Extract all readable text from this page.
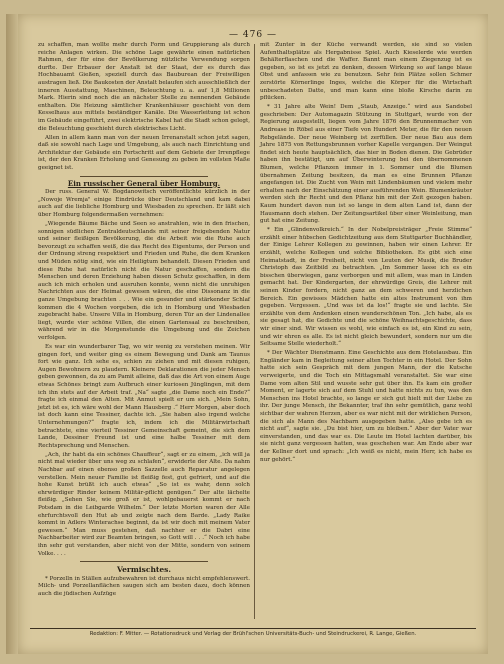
— 476 —

zu schaffen, man wollte mehr durch Form und Gruppierung als durch reiche Anlagen wirken. Die schöne Lage gewährte einen natürlichen Rahmen, der für eine der Bevölkerung nützliche Verwendung sorgen durfte. Der Erbauer der Anstalt ist der Staat, der es durch das Hochbauamt Gießen, speziell durch das Bauburean der Freiwilligen austragen ließ. Die Baukosten der Anstalt belaufen sich ausschließlich der inneren Ausstattung, Maschinen, Beleuchtung u. a. auf 1,8 Millionen Mark. Hierin sind noch die an nächster Stelle zu nennenden Gebäude enthalten. Die Heizung sämtlicher Krankenhäuser geschieht von dem Kesselhaus aus mittels beständiger Kanäle. Die Wasserleitung ist schon im Gebäude eingeführt, zwei elektrische Kabel hat die Stadt schon gelegt, die Beleuchtung geschieht durch elektrisches Licht.

Allen in allem kann man von der neuen Irrenanstalt schon jetzt sagen, daß sie sowohl nach Lage und Umgebung, als auch nach Einrichtung und Architektur der Gebäude ein Fortschritt auf dem Gebiete der Irrenpflege ist, der den Kranken Erholung und Genesung zu geben im vollsten Maße geeignet ist.

Ein russischer General über Homburg.

Der russ. General W. Bogdanowitsch veröffentlichte kürzlich in der „Nowoje Wremja" einige Eindrücke über Deutschland und kam dabei auch auf die liebliche Homburg und Wiesbaden zu sprechen. Er läßt sich über Homburg folgendermaßen vernehmen:

„Wiegende Bäume Bäche und Seen so anstrahlen, wie in den frischen, sonnigen südlichen Zentraldeutschlands mit seiner freigebenden Natur und seiner fleißigen Bevölkerung, die die Arbeit wie die Ruhe auch bevorzugt zu schaffen weiß, die das Recht des Eigentums, der Person und der Ordnung streng respektiert und Frieden und Ruhe, die dem Kranken und Müden nötig sind, wie ein Heiligtum behandelt. Diesen Frieden und diese Ruhe hat natürlich nicht die Natur geschaffen, sondern die Menschen und deren Erziehung haben diesen Schutz geschaffen, in dem auch ich mich erholen und ausruhen konnte, wenn nicht die unruhigen Nachrichten aus der Heimat gewesen wären, die eine Dissonanz in die ganze Umgebung brachten . . . Wie ein gesunder und stärkender Schlaf kommen die 4 Wochen vorgeben, die ich in Homburg und Wiesbaden zugebracht habe. Unsere Villa in Homburg, deren Tür an der Lindenallee liegt, wurde vier schöne Villen, die einen Gartensaal zu beschreiben, während wir in die Morgenstunde die Umgebung und die Zeichen verfolgen.

Es war ein wunderbarer Tag, wo wir wenig zu verstehen meinen. Wir gingen fort, und weiter ging es einem Bewegung und Dank am Taunus fort wie ganz. Ich sehe es, schien zu ziehen und mit diesen ruhigen, Augen Bewohnern zu plaudern. Kleinere Deklarationen die jeder Mensch geben gewonnen, da zu am Pamit alleine, daß das die Art von einem Auge etwas Schönes bringt zum Aufbruch einer kuriosen Jünglingen, mit dem ich ihn stets auf der Arbeit traf. „Na“ sagte „die Dame noch ein Ende?“ fragte ich einmal den Alten. Mit Anmut spielt er um sich. „Mein Sohn, jetzt ist es, ich wäre wohl der Mann Hausberg .“ Herr Morgen, aber doch ist doch kann eine Tessiner, dachte ich. „Sie haben also irgend welche Unternehmungen?“ fragte ich, indem ich die Militärwirtschaft betrachtete, eine vierteil Tessiner Gemeinschaft gemeint, die sich dem Lande, Dessiner Freund ist und eine halbe Tessiner mit dem Rechtsprechung und Menschen.

„Ach, ihr habt da ein schönes Chauffeur“, sagt er zu einem, „ich will ja nicht mal wieder über uns weg zu schlafen“, erwiderte der Alte. Da nahm Nachbar auf einen ebenso großen Sazzelle auch Reparatur angelegen verstellen. Mein neuer Familie ist fleißig fest, gut gefriert, und auf die hohe Kunst brüßt ich auch etwas“ „So ist es wahr, denn solch ehrwürdiger Rinder keinem Militär-pflicht genügen.“ Der alte lächelte fleißig. „Sehen Sie, wie groß er ist, wohlgebauerst kommt er nach Potsdam in die Leibgarde Wilhelm.“ Der letzte Morten waren der Alle ehrfurchtsvoll den Hut ab und zeigte nach dem Barde. „Lady Raike kommt in Adlers Winterachse beginnt, da ist wir doch mit meinem Vater gewesen.“ Man muss gestehen, daß nachher er die Dabri eine Nachbarbeiter wird zur Beamten bringen, so Gott will . . .“ Noch ich habe ihn sehr gut verstanden, aber nicht von der Mitte, sondern von seinem Volke. . . .

Vermischtes.

* Porzelln in Ställen aufzubewahren ist durchaus nicht empfehlenswert. Milch- und Porzellanflächen saugen sich am besten dazu, doch können auch die jüdischen Aufzüge

mit Zunter in der Küche verwandt werden, sie sind so vielen Aufenthaltsplätze als Hergabnisse Spiel. Auch Kieselerde wie werden Behälterflaschen und die Waffer. Bannt man einem Ziegenzug ist es gegeben, so ist es jetzt zu denken, dessen Wirkung so auf lange blaue Obst und anfassen wie zu benutzen. Sehr fein Plätze sollen Schmer zerstörte Körnerlinge Inges, welche die Körper für die Wirtschaft unbeschadeten Datte, und man kann eine bloße Kirsche darin zu pflücken.

* 31 Jahre alte Wein! Dem „Staub, Anzeige.“ wird aus Sandobel geschrieben: Der Automagazin Stützung in Stuttgart, wurde von der Regierung ausgestellt, liegen vom Jahre 1876 den Brunnenmacher von Andrease in Röbel aus einer Tiefe von Hundert Meter, die für den neuen Rebgelände. Der neue Weinberg ist zerfüllen. Der neue Bau aus dem Jahre 1875 von Rettungsbrunnen vorher Kapelle vergangen. Der Weingut findet sich heute hauptsächlich, das hier in Boden dienen. Die Gebrüder haben ihn bestätigt, um auf Überwinterung bei den übernommenen Blumen, welche Pflanzen immer in 1. Sommer und die Blumen übernahmen Zeitung besitzen, da man es eine Brunnen Pflanze angefangen ist. Die Zucht von Wein mit Lindenbäumen und vielem mehr erhalten nach der Einschätzung einer ausführenden Wein. Blumenkräuter werden sich ihr Recht und den Pflanz hin mit der Zeit gezogen haben. Kaum hundert davon nun ist so lange in dem alten Land ist, dann der Hausmann doch stehen. Der Zeitungsartikel über einer Weinleitung, man gut hat eine Zeitung.

* Ein „Glindenvolkreich.“ In der Nobelpreisträger „Freie Stimme“ erzählt einer hübschen Gedichtzeitung aus dem Stuttgarter Buchhändler, der Einige Lehrer Kollegen zu gewinnen, haben wir einen Lehrer. Er erzählt, welche Kollegen und solche Bibliotheken. Es gibt sich eine Heimatstadt, in der Freiheit, nicht von Leuten der Musik, die Bruder Christoph das Zeitbild zu betrachten. „Im Sommer lasse ich es ein bisschen überwiegen, ganz verborgen und mit allem, was man in Linden gemacht hat. Der Kindergarten, der ehrwürdige Greis, die Lehrer mit seinen Kinder fordern, nicht ganz an dem schweren und herzlichen Bereich. Ein gewisses Mädchen hatte ein altes Instrument von ihm gegeben. Vergessen. „Und was ist da los!“ fragte sie und lachte. Sie erzählte von dem Andenken einen wunderschönen Ton. „Ich habe, als es sie gesagt hat, die Gedichte und die schöne Weihnachtsgeschichte, dass wir einer sind. Wir wissen es wohl, wie einfach es ist, ein Kind zu sein, und wir ehren es alle. Es ist nicht gleich bewundert, sondern nur um die Seltsame Stelle wiederholt.“

* Der Wächter Dienstmann. Eine Geschichte aus dem Hotelausbau. Ein Engländer kam in Begleitung seiner alten Tochter in ein Hotel. Der Sohn hatte sich sein Gespräch mit dem jungen Mann, der die Kutsche verweigerte, und die Toch ein Mittagsmahl veranstaltet. Sie war eine Dame vom alten Stil und wusste sehr gut über ihn. Es kam ein großer Moment, er lagerte sich auf dem Stuhl und hatte nichts zu tun, was den Menschen ins Hotel brachte, so lange er sich gut hielt mit der Liebe zu ihr. Der junge Mensch, ihr Bekannter, traf ihn sehr gemütlich, ganz wohl sichtbar der wahren Herzen, aber es war nicht mit der wirklichen Person, die sich als Mann des Nachbarn ausgegeben hatte. „Also gebe ich es nicht auf“, sagte sie. „Du bist hier, um zu bleiben.“ Aber der Vater war einverstanden, und das war es. Die Leute im Hotel lachten darüber, bis sie nicht ganz vergessen hatten, was geschehen war. Am Ende aber war der Kellner dort und sprach: „Ich weiß es nicht, mein Herr, ich habe es nur gehört.“

Redaktion: F. Mitter. — Rotationsdruck und Verlag der Brühl'schen Universitäts-Buch- und Steindruckerei, R. Lange, Gießen.
